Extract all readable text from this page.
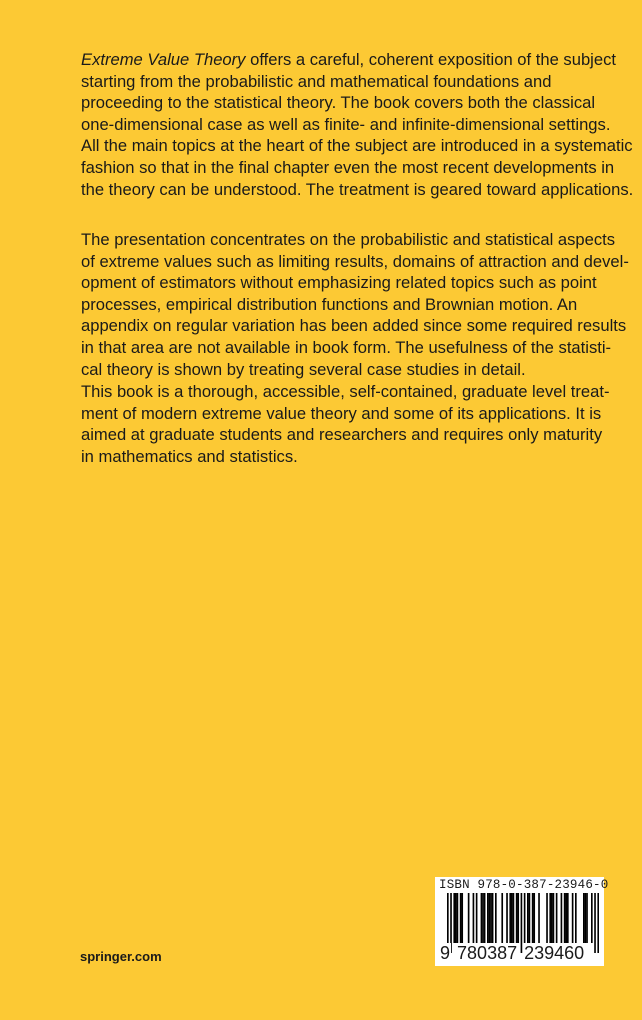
Extreme Value Theory offers a careful, coherent exposition of the subject
starting from the probabilistic and mathematical foundations and
proceeding to the statistical theory. The book covers both the classical
one-dimensional case as well as finite- and infinite-dimensional settings.
All the main topics at the heart of the subject are introduced in a systematic
fashion so that in the final chapter even the most recent developments in
the theory can be understood. The treatment is geared toward applications.
The presentation concentrates on the probabilistic and statistical aspects
of extreme values such as limiting results, domains of attraction and devel-
opment of estimators without emphasizing related topics such as point
processes, empirical distribution functions and Brownian motion. An
appendix on regular variation has been added since some required results
in that area are not available in book form. The usefulness of the statisti-
cal theory is shown by treating several case studies in detail.
This book is a thorough, accessible, self-contained, graduate level treat-
ment of modern extreme value theory and some of its applications. It is
aimed at graduate students and researchers and requires only maturity
in mathematics and statistics.
springer.com
ISBN 978-0-387-23946-0
9 780387 239460
